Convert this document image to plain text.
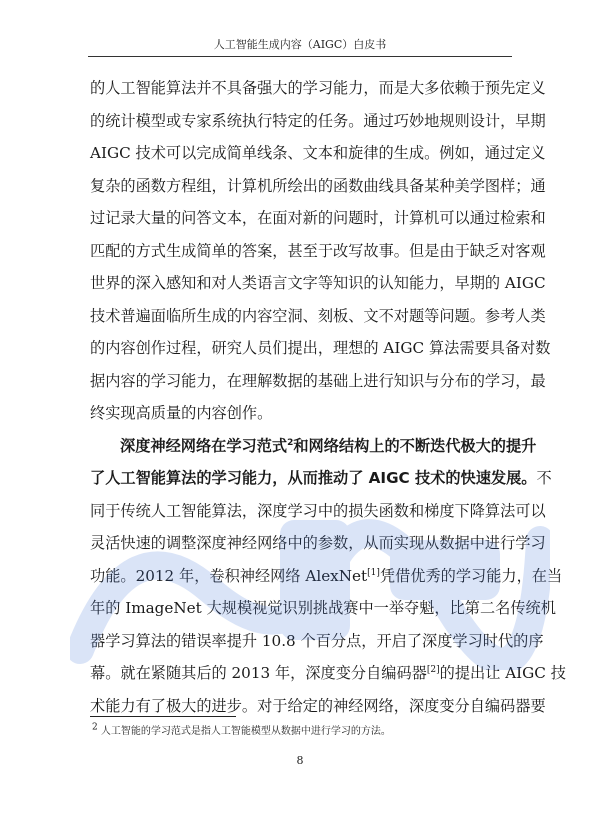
人工智能生成内容（AIGC）白皮书

的人工智能算法并不具备强大的学习能力，而是大多依赖于预先定义
的统计模型或专家系统执行特定的任务。通过巧妙地规则设计，早期
AIGC 技术可以完成简单线条、文本和旋律的生成。例如，通过定义
复杂的函数方程组，计算机所绘出的函数曲线具备某种美学图样；通
过记录大量的问答文本，在面对新的问题时，计算机可以通过检索和
匹配的方式生成简单的答案，甚至于改写故事。但是由于缺乏对客观
世界的深入感知和对人类语言文字等知识的认知能力，早期的 AIGC
技术普遍面临所生成的内容空洞、刻板、文不对题等问题。参考人类
的内容创作过程，研究人员们提出，理想的 AIGC 算法需要具备对数
据内容的学习能力，在理解数据的基础上进行知识与分布的学习，最
终实现高质量的内容创作。

深度神经网络在学习范式$^2$和网络结构上的不断迭代极大的提升
了人工智能算法的学习能力，从而推动了 AIGC 技术的快速发展。不
同于传统人工智能算法，深度学习中的损失函数和梯度下降算法可以
灵活快速的调整深度神经网络中的参数，从而实现从数据中进行学习
功能。2012 年，卷积神经网络 AlexNet[1]凭借优秀的学习能力，在当
年的 ImageNet 大规模视觉识别挑战赛中一举夺魁，比第二名传统机
器学习算法的错误率提升 10.8 个百分点，开启了深度学习时代的序
幕。就在紧随其后的 2013 年，深度变分自编码器[2]的提出让 AIGC 技
术能力有了极大的进步。对于给定的神经网络，深度变分自编码器要

$^2$ 人工智能的学习范式是指人工智能模型从数据中进行学习的方法。
8
